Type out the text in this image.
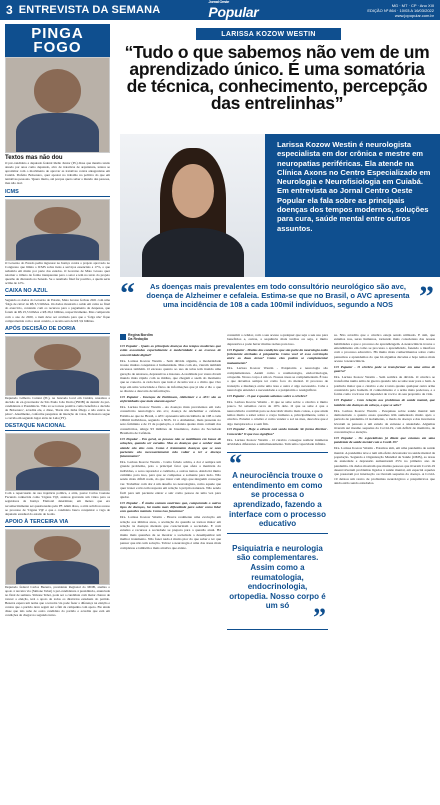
3 ENTREVISTA DA SEMANA
Jornal Oeste
Popular	MG · MT · CP · Ano XIII
EDIÇÃO Nº 864 · 10/03 A 16/03/2022
www.jopopular.com.br
PINGA FOGO
Textos mas não dou
O pré-candidato a deputado federal Idelio Junior (PL) disse que mesmo tendo atuado por anos como deputado, alvo de tratativas de arquitetura, tentou se aproximar com o movimento de aprovar as tratativas contra antagonistas em Cuiabá. Prefeito Bolsonaro, quer apostar no trabalho na política do que em tentativas pessoais. 'Quero muito, até porque quero saber o mundo das pessoas, mas não dou'.
ICMS
O Governo do Estado pediu ingressar na Justiça contra o projeto aprovado no Congresso que limita o ICMS sobre itens e serviços essenciais a 17%, o que reduziria em muito por parte dos estados. O Governo de Mato Grosso quer retomar o tributo de forma transparente para o setor e tem no texto do projeto questão de discussão no Senado. Se o resultado final for positivo, a queda seria acima de 12%.
CAIXA NO AZUL
Segundo os dados do Governo do Estado, Mato Grosso fechou 2021 com uma 'folga de caixa' de R$ 3,5 bilhões. Os dados mostram o saldo em caixa ao final do exercício, contando com os recursos para o pagamento de despesas, que foram de R$ 25,5 bilhões e R$ 26,2 bilhões, respectivamente. Mas comparado com o ano de 2020, o item deve ser avaliado para que o 'folga não' fique comprometida com o atual cenário, a receita será de R$ 3,9 bilhões.
APÓS DECISÃO DE DORIA
Deputado Gilberto Cattani (PL), na bancada local em Cuiabá, ressaltou a decisão do ex-governador de São Paulo João Doria (PSDB) de desistir da pré-candidatura à Presidência. 'Não só se tornou positiva como beneficia a decisão de Bolsonaro', acredita ele, e disse, 'Doria não tinha fôlego e não estava no páreo'. Atualmente, conforme pesquisas de intenção de votos, Bolsonaro segue a corrida em segundo lugar atrás de Lula (PT).
DESTAQUE NACIONAL
Com a repercussão de sua trajetória política, a atriz, pastor Carlos Caetano Facundo conhecida como 'Cigana Viji', assinou gravando um vídeo para os seguidores da Justiça Eleitoral determinar, em menos que era reconhecidamente ser questionadas pela PF. Além disso, a atriz solicitou acesso ao processo de 'Cigana Viji' e que o candidato busca conquistar a vaga de deputado estadual do estado de Goiás.
APOIO À TERCEIRA VIA
Deputado federal Carlos Bezerra, presidente Regional do MDB, analisa o apoio à terceira via (Simone Tebet) à pré-candidatura à presidência, anunciada no final de semana. Simone Tebet, pode ser a candidata com maior chance de vencer a eleição, terá o apoio de todos os diretórios estaduais do partido. Bezerra espera um nome que a terceira via pode fazer a diferença na eleição e contou que o partido deve seguir até o fim da campanha com apoio. Ele ainda disse que não sabe de outro candidato do partido e acredita que está em condições de chegar no segundo turno.
LARISSA KOZOW WESTIN
“Tudo o que sabemos não vem de um aprendizado único. É uma somatória de técnica, conhecimento, percepção das entrelinhas”
Larissa Kozow Westin é neurologista especialista em dor crônica e mestre em neuropatias periféricas. Ela atende na Clínica Axons no Centro Especializado em Neurologia e Neurofisiologia em Cuiabá. Em entrevista ao Jornal Centro Oeste Popular ela fala sobre as principais doenças dos tempos modernos, soluções para cura, saúde mental entre outros assuntos.
“	As doenças mais prevalentes em todo consultório neurológico são avc, doença de Alzheimer e cefaleia. Estima-se que no Brasil, o AVC apresenta uma incidência de 108 a cada 100mil indivíduos, segundo a NOS ”
Regina Bordim
Da Redação

CO Popular - Quais as principais doenças dos tempos modernos que estão associadas especialmente à modernidade e ao excesso de conectividade digital?

Dra. Larissa Kozow Westin - Sem dúvida alguma, a modernidade trouxe muitas conquistas à humanidade. Mas com ela, vieram também excessos também. O excesso quanto ao uso de telas tem trazido uma geração de ansiosos, depressivos e insones. A realidade por vezes dá um mundo mais rápido com as mídias, que chegam e saem do momento que se conecta. A cada hora que tudo é de uma vez e o ritmo que vive hoje em uma velocidade e fluxo de informações que já não é tão o que se discute e descarta de informação.

CO Popular - Doenças de Parkinson, Alzheimer e o AVC são as enfermidades que mais atacam agora?

Dra. Larissa Kozow Westin - As doenças mais prevalentes em todo consultório neurológico são avc, doença de Alzheimer e cefaleia. Estima-se que no Brasil, o AVC apresenta uma incidência de 108 a cada 100mil indivíduos, segundo a NOS. Já o Alzheimer, mais presente no sexo feminino e de 15 de população, a cefaleia quanto mais comum dos consultórios, atinge 93 milhões de brasileiros, dados da Sociedade Brasileira de Cefaleia.

CO Popular - Em geral, as pessoas não se mobilizam em busca de soluções, quando ser curadas. Mas as doenças que o senhor mais atende são elas com. Como é tratamento doenças que se seus pacientes são necessariamente não voltar a ter a doença futuramente?

Dra. Larissa Kozow Westin - Como falado acima, a dor é sempre um grande problema, pois o principal fator que afeta a memória do individuo, o sono reparador e cadência, e outros tantos. Ainda há muito caminho para isso, para que se compense e somente para tudo. Não sendo mais difícil nada, do que tratar com algo que ninguém consegue ver. Trabalhar com dor é um desafio no neurologista, como aquele que quer trazer e não tem resposta em relação à própria natureza. Não sendo fácil para um paciente entrar e sair como pessoa de uma vez para ajudar.

CO Popular - É muito comum ouvirmos que, comparando o outros tipos de doenças, há muito mais dificuldade para saber como lidar com questões mentais. Como isso funciona?

Dra. Larissa Kozow Westin - Houve realmente uma evolução em relação aos últimos anos, a aceitação da questão se tornou maior em relação às doenças mentais que caracterizam a sociedade. E com estudos e recursos a sociedade se prepara para a questão atual. Há muito mais questões de se mostrar a sociedade a desempenhar um melhor tratamento. Não fazer nada é muito pior do que saber e ter que pensar que não tem solução. Talvez a neurologia é uma das áreas mais complexas e também a mais atrativa que existe.

consumir o celular, com o seu acesso a qualquer que seja o seu uso para benefícios e, outras, a sequência mais tardios ou seja, é muito depressiva e pode haver muitas razões para isso.

CO Popular - Muitas das condições que são parte da neurologia estão fortemente atreladas à psiquiatria. Como você vê essa correlação entre as duas áreas? Como elas podem se complementar mutuamente?

Dra. Larissa Kozow Westin - Psiquiatria e neurologia são complementares. Assim como a reumatologia, endocrinologia, ortopedia. Nosso corpo é um só. Nossas áreas se complementam. É isso o que devemos sempre ter como foco do mental. O processo de transição e mudança entre uma área e outra é algo necessário. Cabe a neurologia entender a necessidade e a psiquiatria o ressignificar.

CO Popular - O que é quanto sabemos sobre o cérebro?

Dra. Larissa Kozow Westin - O que se sabe sobre o cérebro é muito pouco. Só sabemos cerca de 10% dele. O que se sabe é que a neurociência contribui para se descobrir muito mais coisas, e que ainda temos muito a saber sobre o corpo humano e, principalmente, sobre o cérebro. Estudar o cérebro é como vender o sol na área, descobre que é algo inexplorado e é sem fim.

CO Popular - Hoje a ciência está sendo tratada 'de forma diretiva'. Concorda? O que isso significa?

Dra. Larissa Kozow Westin - O cérebro consegue realizar inúmeras atividades diferentes e simultaneamente. Tem uma capacidade infinita.

“
A neurociência trouxe o entendimento em como se processa o aprendizado, fazendo a interface com o processo educativo
Psiquiatria e neurologia são complementares. Assim como a reumatologia, endocrinologia, ortopedia. Nosso corpo é um só ”

sa. Não acredito que o cérebro esteja sendo utilizado. E sim, que estamos nos, seres humanos, tornando mais conscientes das nossas habilidades e que o processo de aprendizagem. A neurociência trouxe o entendimento em como se processa o aprendizado, fazendo a interface com o processo educativo. Há muito mais conhecimentos sobre como pensamos e aprendemos do que há algumas décadas e hoje temos mais acesso à neurociência.

CO Popular - O cérebro pode se transformar em uma arma de guerra?

Dra. Larissa Kozow Westin - Sem sombra de dúvida. O cérebro se transforma numa arma de guerra quando não se sabe usar para o bem. A potência maior que o cérebro e ele é tanto quanto qualquer outra arma construída pelo homem. O conhecimento é a arma mais poderosa, e a forma como você usa vai depender de você e do seu propósito de vida.

CO Popular - Com relação aos problemas de saúde mental, que também são doenças da cabeça, o que se sabe?

Dra. Larissa Kozow Westin - Pesquisas sobre saúde mental tem demonstrado o quanto essas questões têm aumentado muito após o período de pandemia. O isolamento, o medo da doença e das incertezas levaram as pessoas a um estado de estresse e ansiedade. Algumas tiveram até mesmo sequelas da Covid-19, com déficit de memória, de concentração e atenção.

CO Popular - Os especialistas já dizem que estamos em uma pandemia de saúde mental com a Covid-19?

Dra. Larissa Kozow Westin - Estamos sim, em uma pandemia de saúde mental. A pandemia teve e tem um efeito devastador na saúde mental da população. Segundo a Organização Mundial de Saúde (OMS), as taxas de ansiedade e depressão aumentaram 25% no primeiro ano da pandemia. Os dados mostram que muitas pessoas que tiveram Covid-19 desenvolveram problemas ligados à saúde mental, em especial aqueles que passaram por internação ou tiveram sequelas da doença. A Covid-19 deixou um rastro de problemas neurológicos e psiquiátricos que ainda estão sendo estudados.
